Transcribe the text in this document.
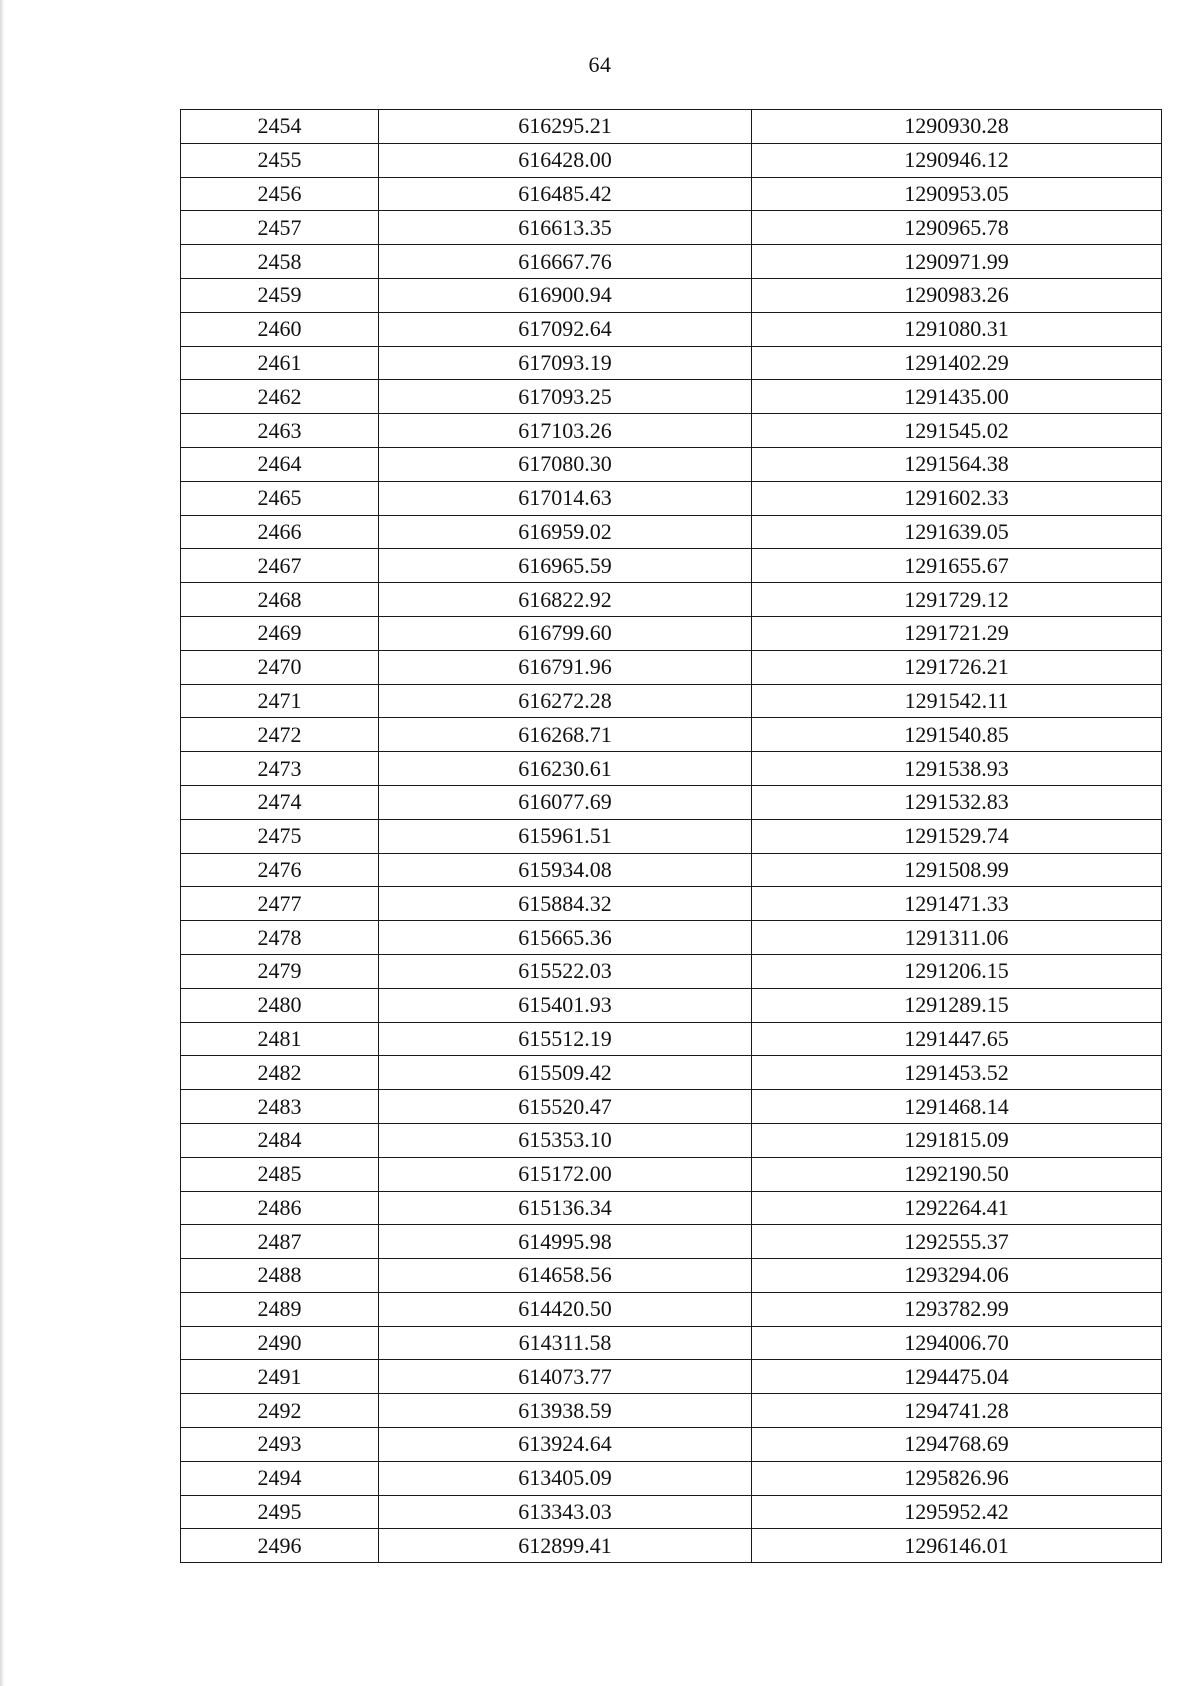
64
2454	616295.21	1290930.28
2455	616428.00	1290946.12
2456	616485.42	1290953.05
2457	616613.35	1290965.78
2458	616667.76	1290971.99
2459	616900.94	1290983.26
2460	617092.64	1291080.31
2461	617093.19	1291402.29
2462	617093.25	1291435.00
2463	617103.26	1291545.02
2464	617080.30	1291564.38
2465	617014.63	1291602.33
2466	616959.02	1291639.05
2467	616965.59	1291655.67
2468	616822.92	1291729.12
2469	616799.60	1291721.29
2470	616791.96	1291726.21
2471	616272.28	1291542.11
2472	616268.71	1291540.85
2473	616230.61	1291538.93
2474	616077.69	1291532.83
2475	615961.51	1291529.74
2476	615934.08	1291508.99
2477	615884.32	1291471.33
2478	615665.36	1291311.06
2479	615522.03	1291206.15
2480	615401.93	1291289.15
2481	615512.19	1291447.65
2482	615509.42	1291453.52
2483	615520.47	1291468.14
2484	615353.10	1291815.09
2485	615172.00	1292190.50
2486	615136.34	1292264.41
2487	614995.98	1292555.37
2488	614658.56	1293294.06
2489	614420.50	1293782.99
2490	614311.58	1294006.70
2491	614073.77	1294475.04
2492	613938.59	1294741.28
2493	613924.64	1294768.69
2494	613405.09	1295826.96
2495	613343.03	1295952.42
2496	612899.41	1296146.01
